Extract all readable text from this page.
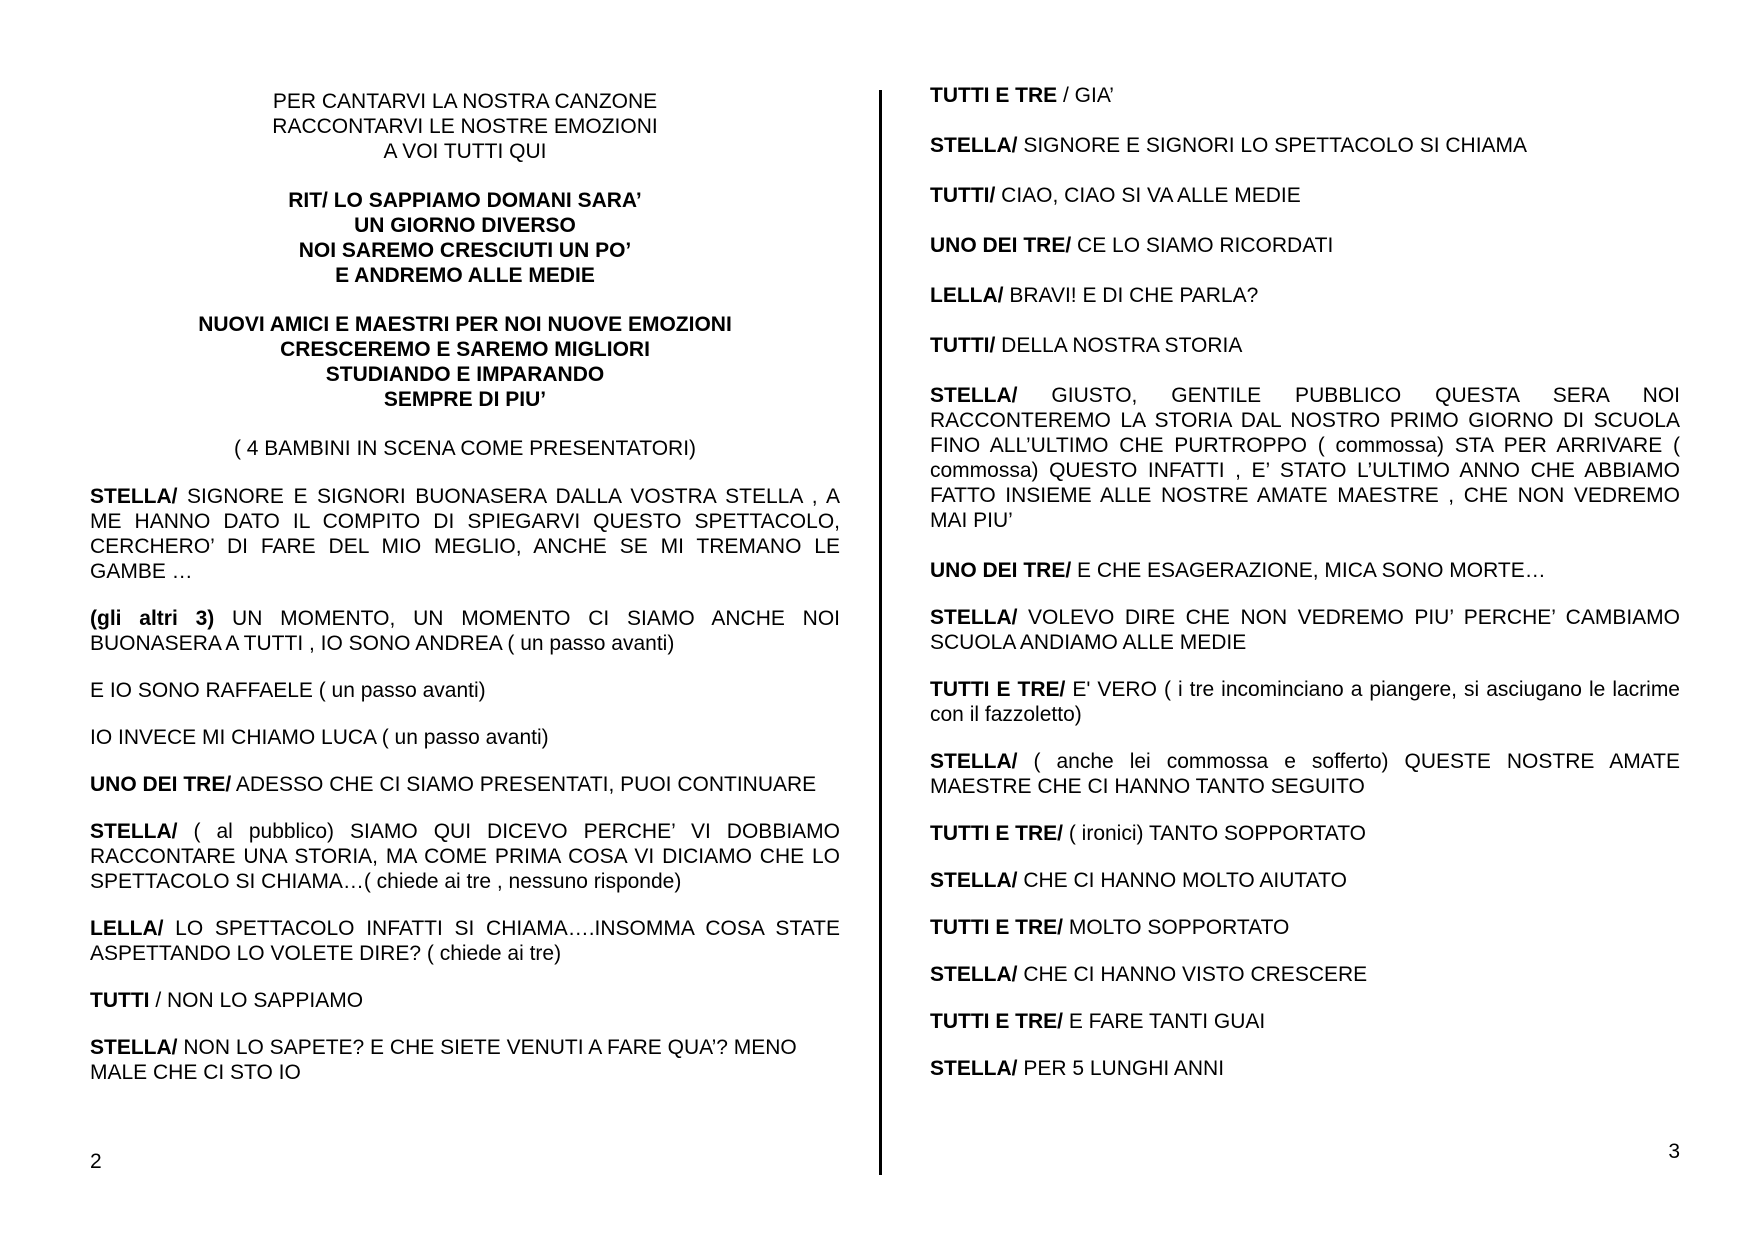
PER CANTARVI LA NOSTRA CANZONE
RACCONTARVI LE NOSTRE EMOZIONI
A VOI TUTTI QUI

RIT/ LO SAPPIAMO DOMANI SARA’
UN GIORNO DIVERSO
NOI SAREMO CRESCIUTI UN PO’
E ANDREMO ALLE MEDIE

NUOVI AMICI E MAESTRI PER NOI NUOVE EMOZIONI
CRESCEREMO E SAREMO MIGLIORI
STUDIANDO E IMPARANDO
SEMPRE DI PIU’

( 4 BAMBINI IN SCENA COME PRESENTATORI)

STELLA/ SIGNORE E SIGNORI BUONASERA DALLA VOSTRA STELLA , A ME HANNO DATO IL COMPITO DI SPIEGARVI QUESTO SPETTACOLO, CERCHERO’ DI FARE DEL MIO MEGLIO, ANCHE SE MI TREMANO LE GAMBE …

(gli altri 3) UN MOMENTO, UN MOMENTO CI SIAMO ANCHE NOI BUONASERA A TUTTI , IO SONO ANDREA ( un passo avanti)

E IO SONO RAFFAELE ( un passo avanti)

IO INVECE MI CHIAMO LUCA ( un passo avanti)

UNO DEI TRE/ ADESSO CHE CI SIAMO PRESENTATI, PUOI CONTINUARE

STELLA/ ( al pubblico) SIAMO QUI DICEVO PERCHE’ VI DOBBIAMO RACCONTARE UNA STORIA, MA COME PRIMA COSA VI DICIAMO CHE LO SPETTACOLO SI CHIAMA…( chiede ai tre , nessuno risponde)

LELLA/ LO SPETTACOLO INFATTI SI CHIAMA….INSOMMA COSA STATE ASPETTANDO LO VOLETE DIRE? ( chiede ai tre)

TUTTI / NON LO SAPPIAMO

STELLA/ NON LO SAPETE? E CHE SIETE VENUTI A FARE QUA’? MENO MALE CHE CI STO IO

2

TUTTI E TRE / GIA’

STELLA/ SIGNORE E SIGNORI LO SPETTACOLO SI CHIAMA

TUTTI/ CIAO, CIAO SI VA ALLE MEDIE

UNO DEI TRE/ CE LO SIAMO RICORDATI

LELLA/ BRAVI! E DI CHE PARLA?

TUTTI/ DELLA NOSTRA STORIA

STELLA/ GIUSTO, GENTILE PUBBLICO QUESTA SERA NOI RACCONTEREMO LA STORIA DAL NOSTRO PRIMO GIORNO DI SCUOLA FINO ALL’ULTIMO CHE PURTROPPO ( commossa) STA PER ARRIVARE ( commossa) QUESTO INFATTI , E’ STATO L’ULTIMO ANNO CHE ABBIAMO FATTO INSIEME ALLE NOSTRE AMATE MAESTRE , CHE NON VEDREMO MAI PIU’

UNO DEI TRE/ E CHE ESAGERAZIONE, MICA SONO MORTE…

STELLA/ VOLEVO DIRE CHE NON VEDREMO PIU’ PERCHE’ CAMBIAMO SCUOLA ANDIAMO ALLE MEDIE

TUTTI E TRE/ E' VERO ( i tre incominciano a piangere, si asciugano le lacrime con il fazzoletto)

STELLA/ ( anche lei commossa e sofferto) QUESTE NOSTRE AMATE MAESTRE CHE CI HANNO TANTO SEGUITO

TUTTI E TRE/ ( ironici) TANTO SOPPORTATO

STELLA/ CHE CI HANNO MOLTO AIUTATO

TUTTI E TRE/ MOLTO SOPPORTATO

STELLA/ CHE CI HANNO VISTO CRESCERE

TUTTI E TRE/ E FARE TANTI GUAI

STELLA/ PER 5 LUNGHI ANNI

3
